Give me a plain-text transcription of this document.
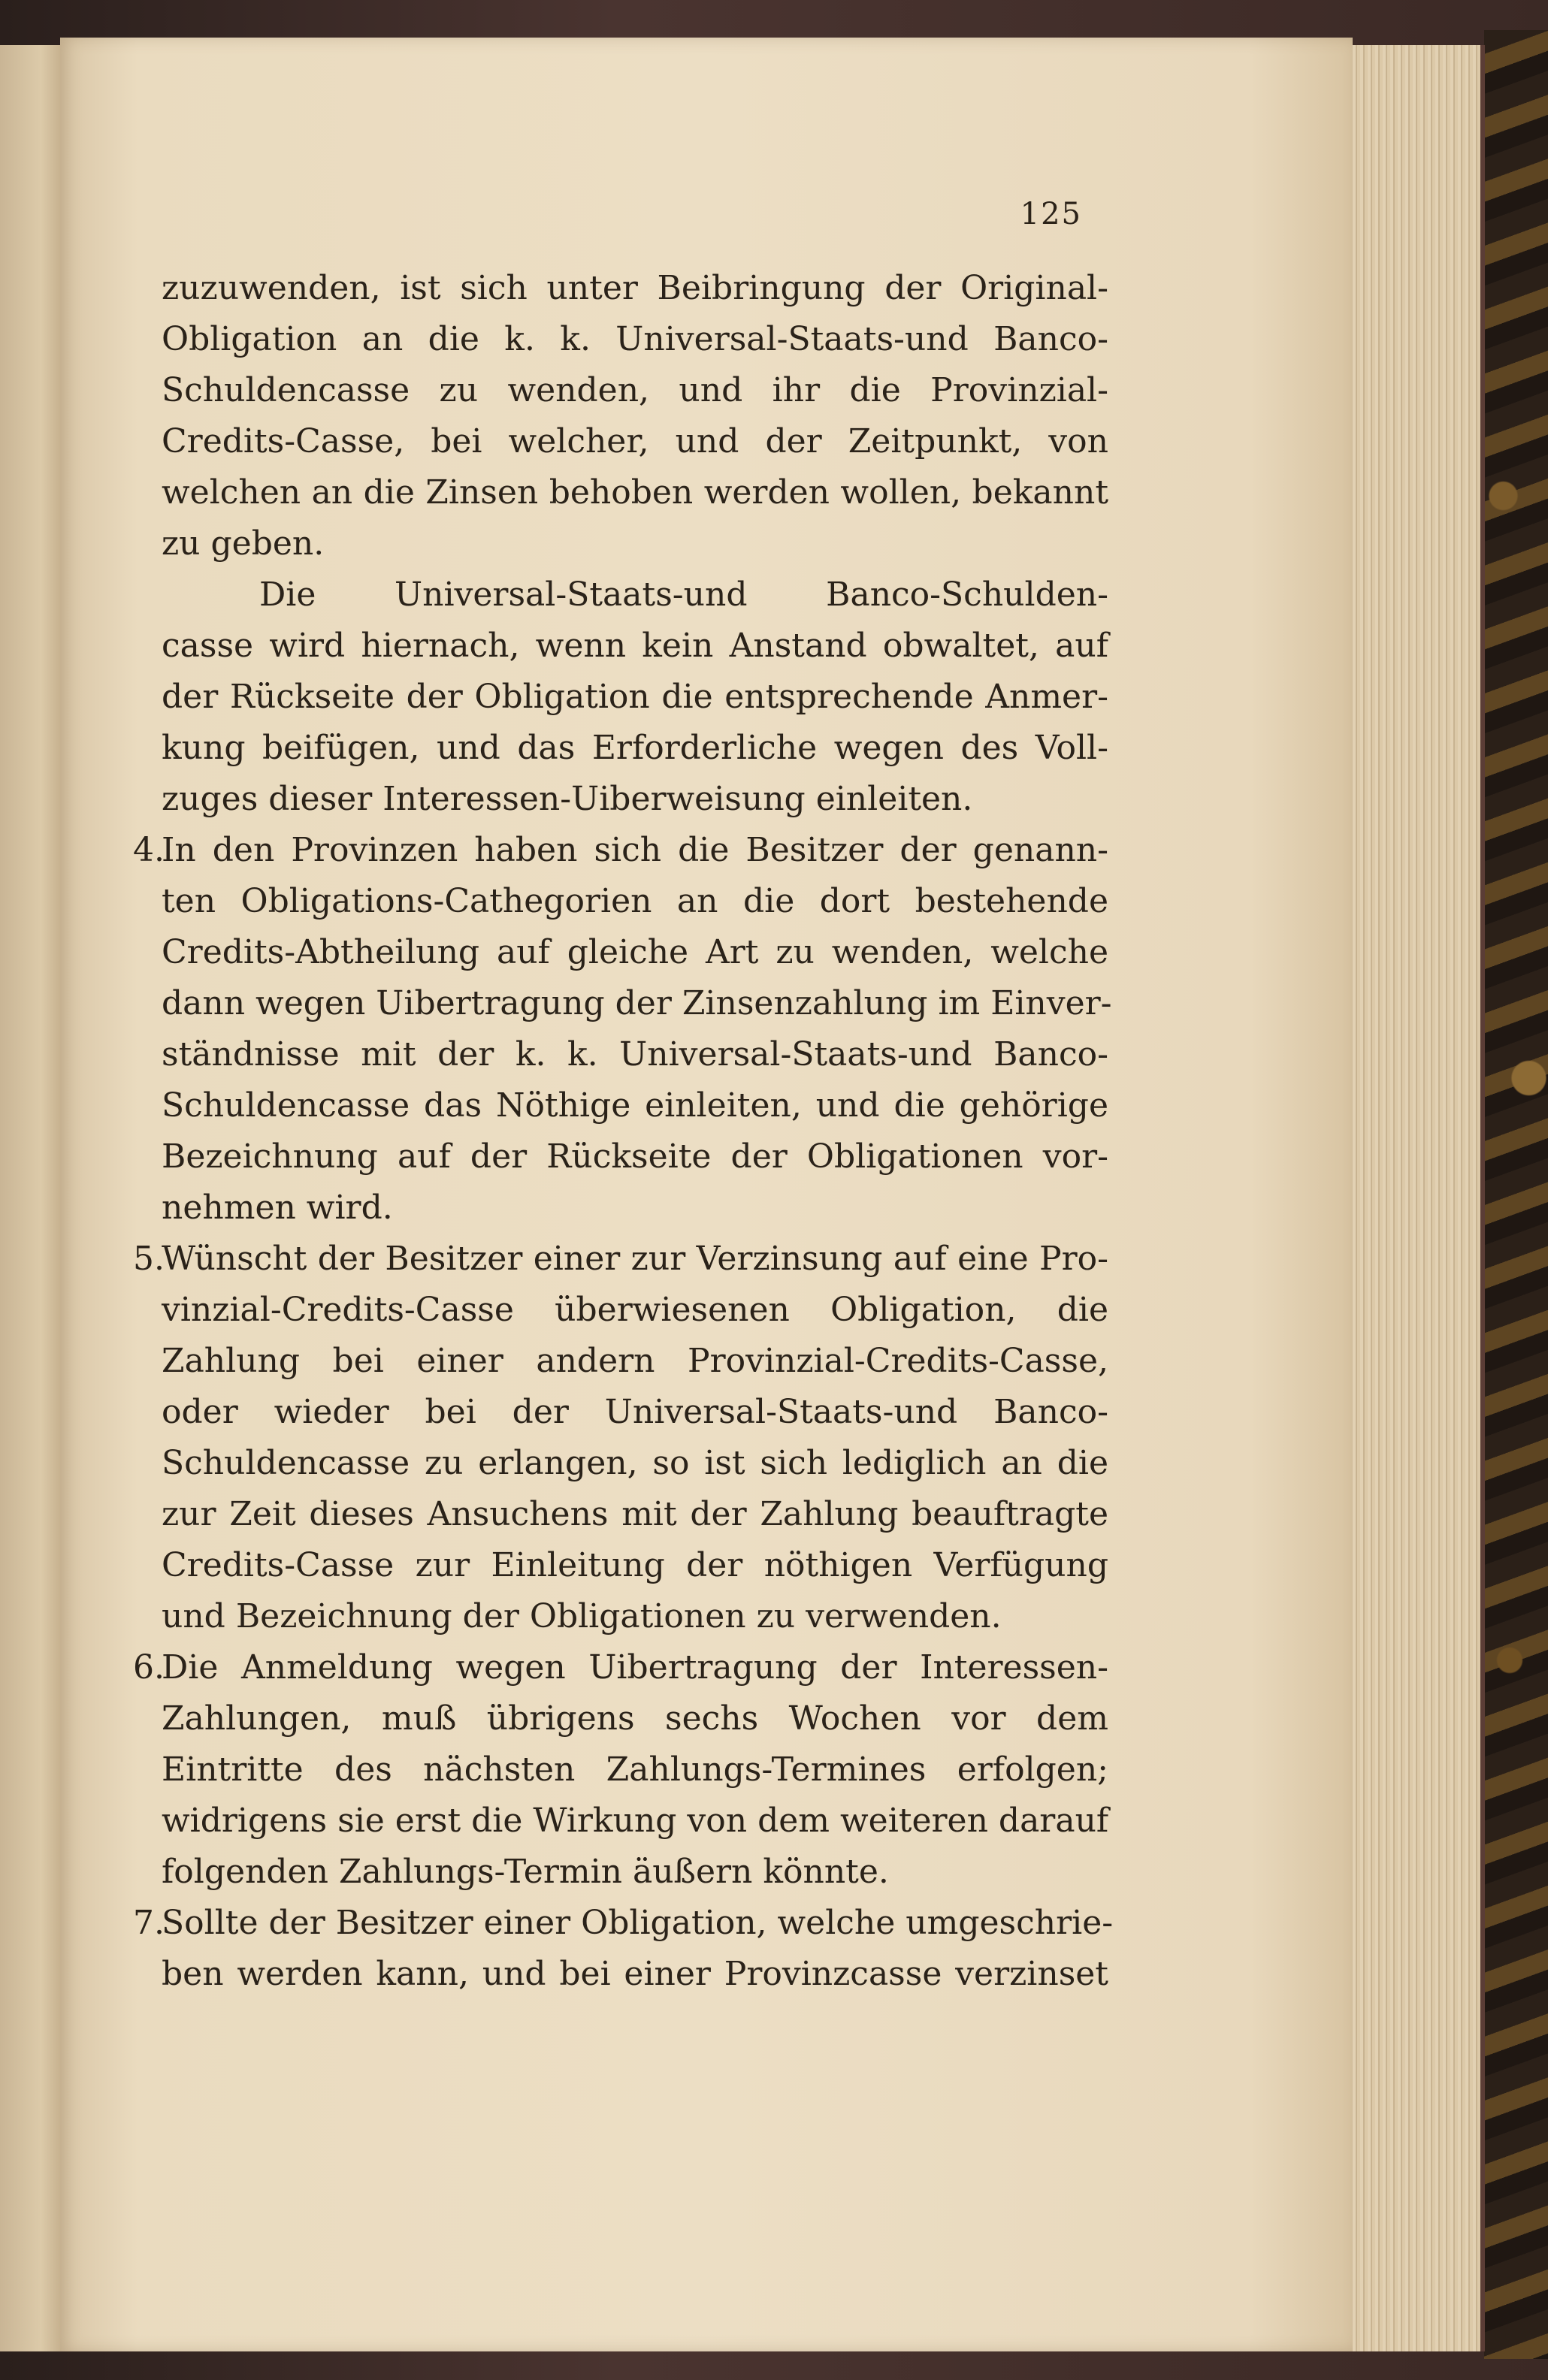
125
zuzuwenden, ist sich unter Beibringung der Original-
Obligation an die k. k. Universal-Staats-und Banco-
Schuldencasse zu wenden, und ihr die Provinzial-
Credits-Casse, bei welcher, und der Zeitpunkt, von
welchen an die Zinsen behoben werden wollen, bekannt
zu geben.
Die Universal-Staats-und Banco-Schulden-
casse wird hiernach, wenn kein Anstand obwaltet, auf
der Rückseite der Obligation die entsprechende Anmer-
kung beifügen, und das Erforderliche wegen des Voll-
zuges dieser Interessen-Uiberweisung einleiten.
4.
In den Provinzen haben sich die Besitzer der genann-
ten Obligations-Cathegorien an die dort bestehende
Credits-Abtheilung auf gleiche Art zu wenden, welche
dann wegen Uibertragung der Zinsenzahlung im Einver-
ständnisse mit der k. k. Universal-Staats-und Banco-
Schuldencasse das Nöthige einleiten, und die gehörige
Bezeichnung auf der Rückseite der Obligationen vor-
nehmen wird.
5.
Wünscht der Besitzer einer zur Verzinsung auf eine Pro-
vinzial-Credits-Casse überwiesenen Obligation, die
Zahlung bei einer andern Provinzial-Credits-Casse,
oder wieder bei der Universal-Staats-und Banco-
Schuldencasse zu erlangen, so ist sich lediglich an die
zur Zeit dieses Ansuchens mit der Zahlung beauftragte
Credits-Casse zur Einleitung der nöthigen Verfügung
und Bezeichnung der Obligationen zu verwenden.
6.
Die Anmeldung wegen Uibertragung der Interessen-
Zahlungen, muß übrigens sechs Wochen vor dem
Eintritte des nächsten Zahlungs-Termines erfolgen;
widrigens sie erst die Wirkung von dem weiteren darauf
folgenden Zahlungs-Termin äußern könnte.
7.
Sollte der Besitzer einer Obligation, welche umgeschrie-
ben werden kann, und bei einer Provinzcasse verzinset
